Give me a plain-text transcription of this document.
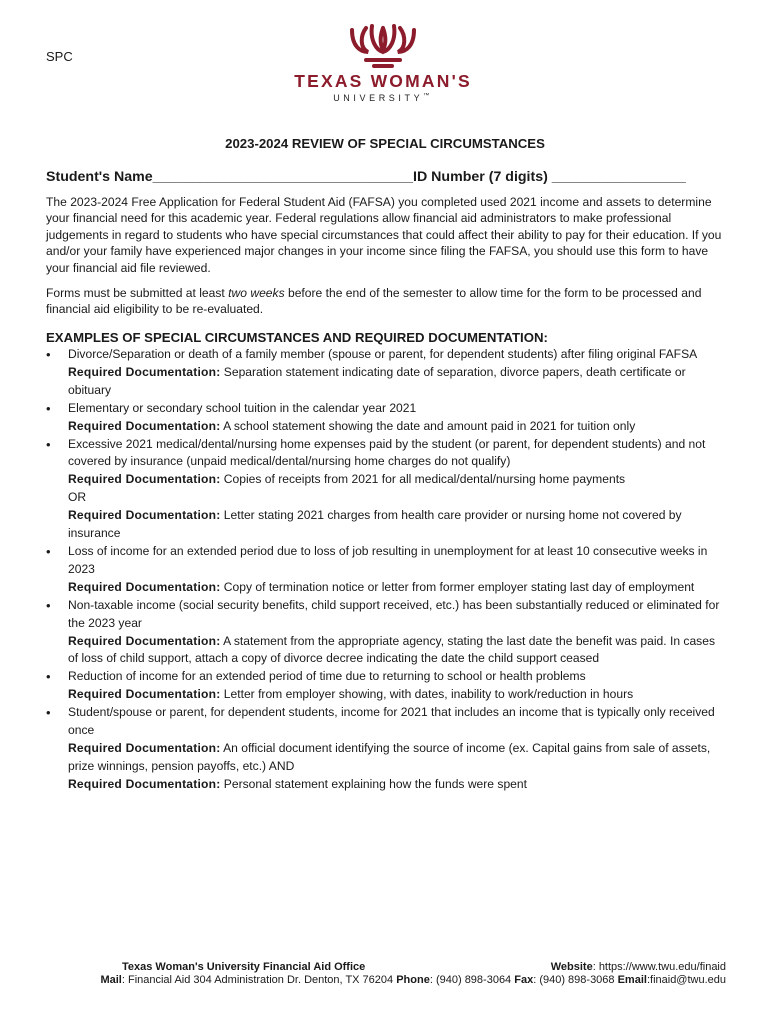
SPC
TEXAS WOMAN'S
UNIVERSITY™
2023-2024 REVIEW OF SPECIAL CIRCUMSTANCES
Student's Name_________________________________ID Number (7 digits) _________________
The 2023-2024 Free Application for Federal Student Aid (FAFSA) you completed used 2021 income and assets to determine your financial need for this academic year. Federal regulations allow financial aid administrators to make professional judgements in regard to students who have special circumstances that could affect their ability to pay for their education. If you and/or your family have experienced major changes in your income since filing the FAFSA, you should use this form to have your financial aid file reviewed.
Forms must be submitted at least two weeks before the end of the semester to allow time for the form to be processed and financial aid eligibility to be re-evaluated.
EXAMPLES OF SPECIAL CIRCUMSTANCES AND REQUIRED DOCUMENTATION:
• Divorce/Separation or death of a family member (spouse or parent, for dependent students) after filing original FAFSA
Required Documentation: Separation statement indicating date of separation, divorce papers, death certificate or obituary
• Elementary or secondary school tuition in the calendar year 2021
Required Documentation: A school statement showing the date and amount paid in 2021 for tuition only
• Excessive 2021 medical/dental/nursing home expenses paid by the student (or parent, for dependent students) and not covered by insurance (unpaid medical/dental/nursing home charges do not qualify)
Required Documentation: Copies of receipts from 2021 for all medical/dental/nursing home payments
OR
Required Documentation: Letter stating 2021 charges from health care provider or nursing home not covered by insurance
• Loss of income for an extended period due to loss of job resulting in unemployment for at least 10 consecutive weeks in 2023
Required Documentation: Copy of termination notice or letter from former employer stating last day of employment
• Non-taxable income (social security benefits, child support received, etc.) has been substantially reduced or eliminated for the 2023 year
Required Documentation: A statement from the appropriate agency, stating the last date the benefit was paid. In cases of loss of child support, attach a copy of divorce decree indicating the date the child support ceased
• Reduction of income for an extended period of time due to returning to school or health problems
Required Documentation: Letter from employer showing, with dates, inability to work/reduction in hours
• Student/spouse or parent, for dependent students, income for 2021 that includes an income that is typically only received once
Required Documentation: An official document identifying the source of income (ex. Capital gains from sale of assets, prize winnings, pension payoffs, etc.) AND
Required Documentation: Personal statement explaining how the funds were spent
Texas Woman's University Financial Aid Office	Website: https://www.twu.edu/finaid
Mail: Financial Aid 304 Administration Dr. Denton, TX 76204 Phone: (940) 898-3064 Fax: (940) 898-3068 Email:finaid@twu.edu
